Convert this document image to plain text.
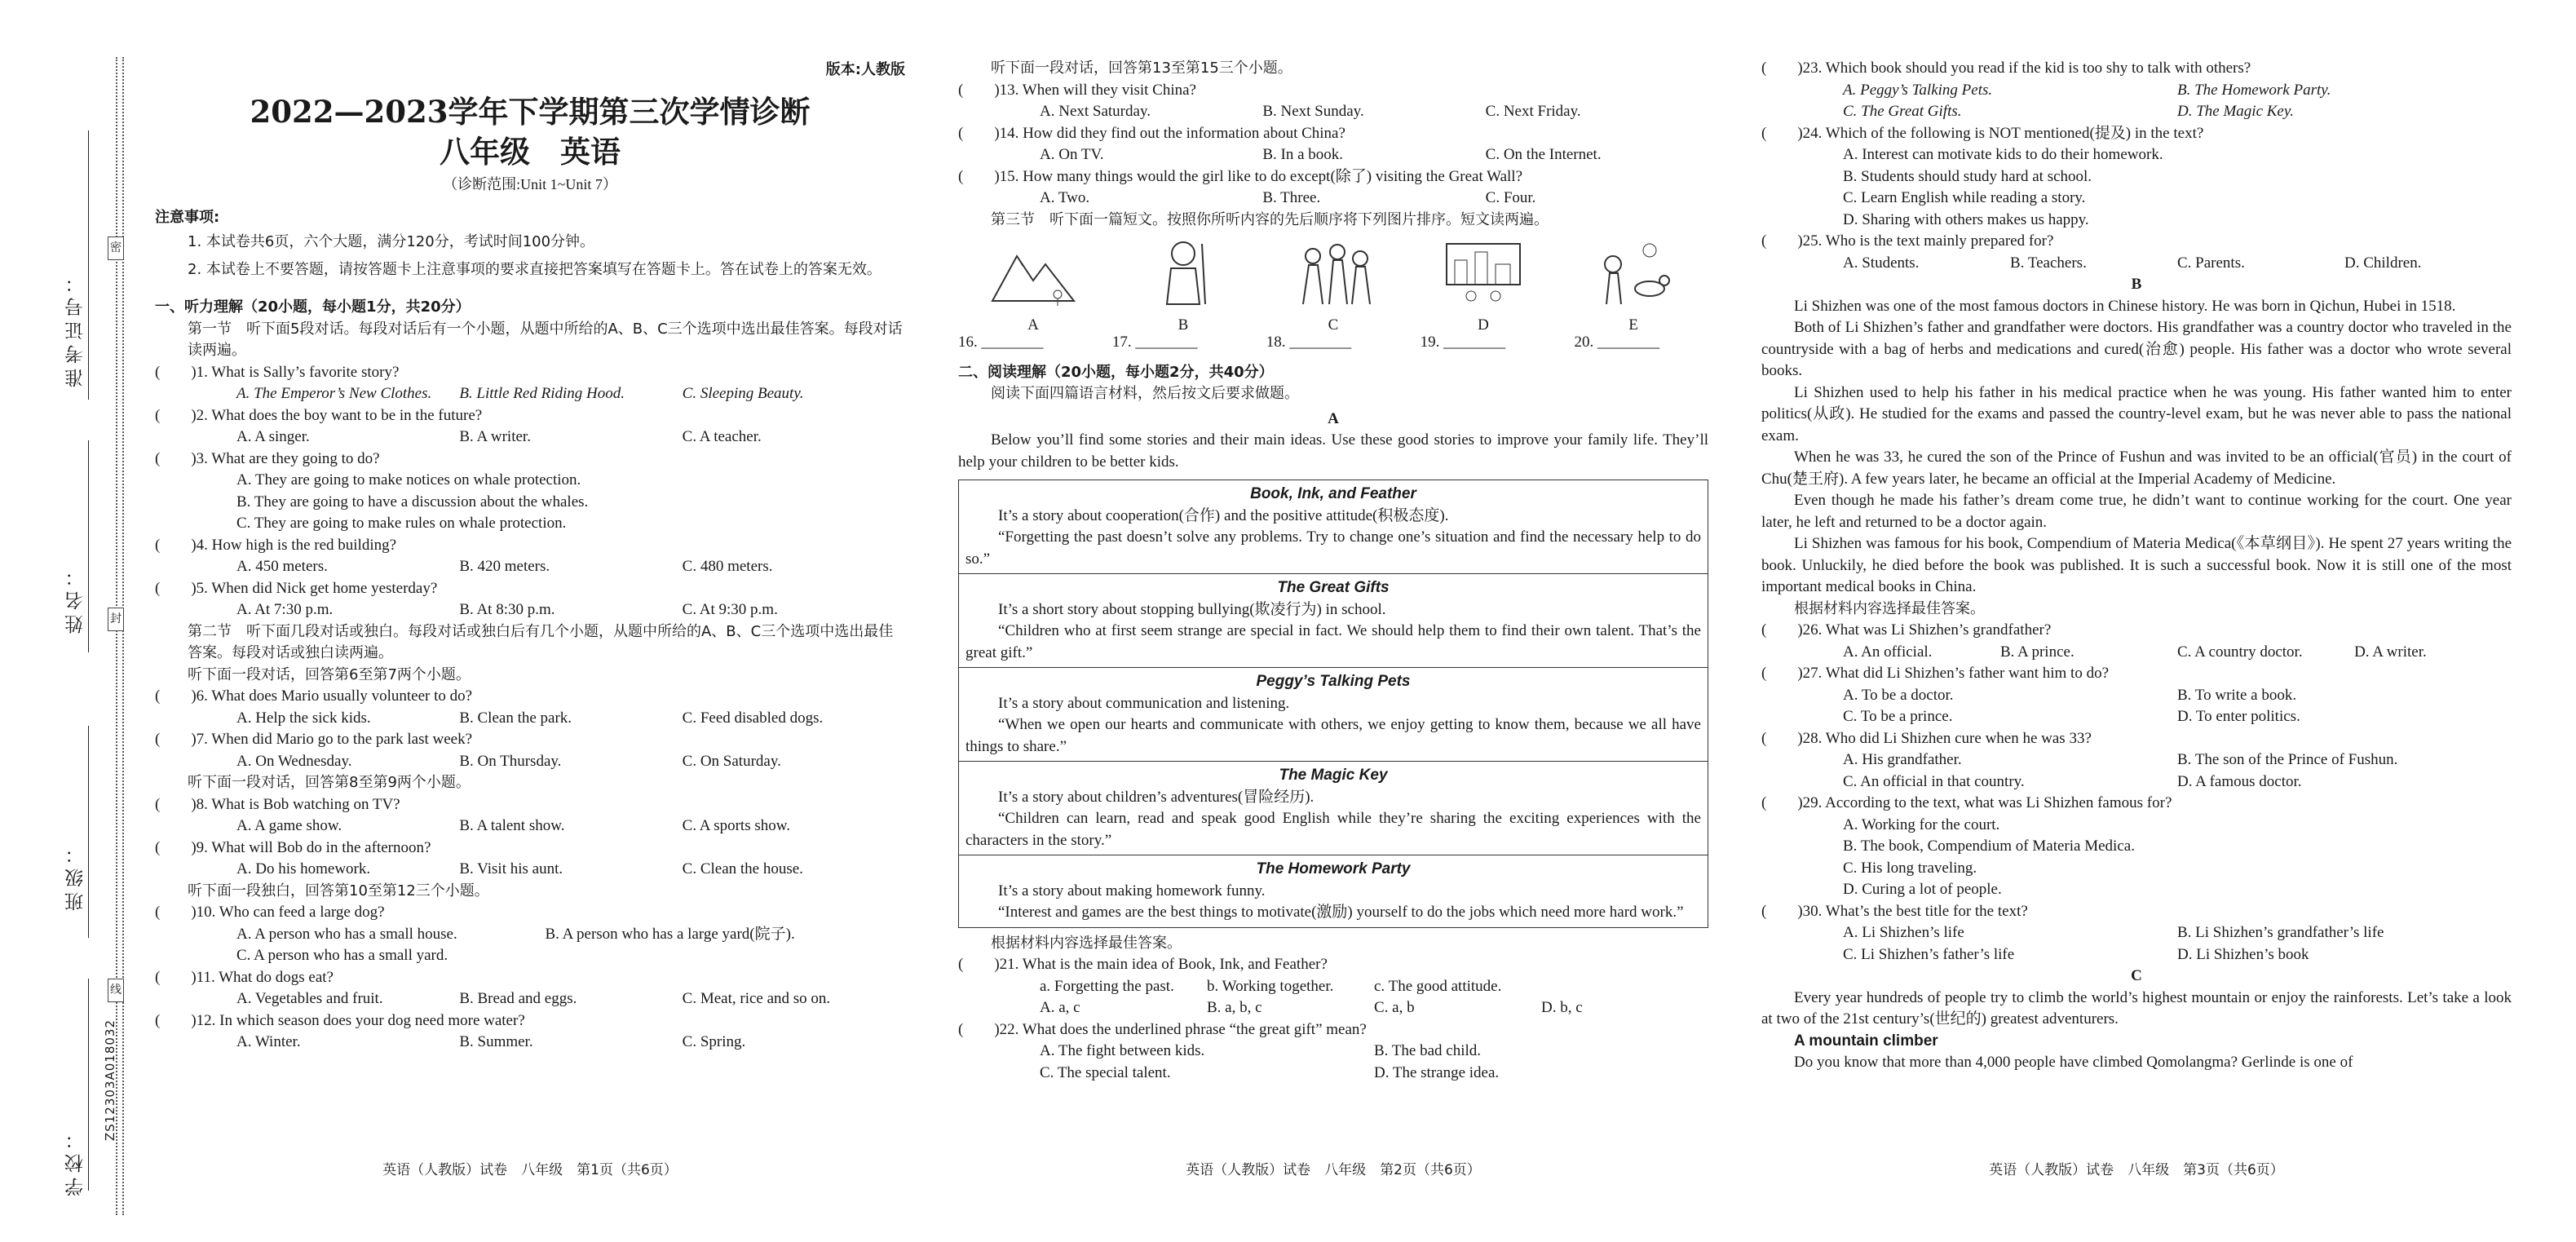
准考证号：
姓名：
班级：
学校：
ZS12303A018032
密
封
线
版本:人教版
2022—2023学年下学期第三次学情诊断
八年级　英语
（诊断范围:Unit 1~Unit 7）

注意事项:

1. 本试卷共6页，六个大题，满分120分，考试时间100分钟。

2. 本试卷上不要答题，请按答题卡上注意事项的要求直接把答案填写在答题卡上。答在试卷上的答案无效。

一、听力理解（20小题，每小题1分，共20分）

第一节　听下面5段对话。每段对话后有一个小题，从题中所给的A、B、C三个选项中选出最佳答案。每段对话读两遍。

(　　)1. What is Sally’s favorite story?

A. The Emperor’s New Clothes.	B. Little Red Riding Hood.	C. Sleeping Beauty.

(　　)2. What does the boy want to be in the future?

A. A singer.	B. A writer.	C. A teacher.

(　　)3. What are they going to do?

A. They are going to make notices on whale protection.

B. They are going to have a discussion about the whales.

C. They are going to make rules on whale protection.

(　　)4. How high is the red building?

A. 450 meters.	B. 420 meters.	C. 480 meters.

(　　)5. When did Nick get home yesterday?

A. At 7:30 p.m.	B. At 8:30 p.m.	C. At 9:30 p.m.

第二节　听下面几段对话或独白。每段对话或独白后有几个小题，从题中所给的A、B、C三个选项中选出最佳答案。每段对话或独白读两遍。

听下面一段对话，回答第6至第7两个小题。

(　　)6. What does Mario usually volunteer to do?

A. Help the sick kids.	B. Clean the park.	C. Feed disabled dogs.

(　　)7. When did Mario go to the park last week?

A. On Wednesday.	B. On Thursday.	C. On Saturday.

听下面一段对话，回答第8至第9两个小题。

(　　)8. What is Bob watching on TV?

A. A game show.	B. A talent show.	C. A sports show.

(　　)9. What will Bob do in the afternoon?

A. Do his homework.	B. Visit his aunt.	C. Clean the house.

听下面一段独白，回答第10至第12三个小题。

(　　)10. Who can feed a large dog?

A. A person who has a small house.	B. A person who has a large yard(院子).

C. A person who has a small yard.

(　　)11. What do dogs eat?

A. Vegetables and fruit.	B. Bread and eggs.	C. Meat, rice and so on.

(　　)12. In which season does your dog need more water?

A. Winter.	B. Summer.	C. Spring.
英语（人教版）试卷　八年级　第1页（共6页）

听下面一段对话，回答第13至第15三个小题。

(　　)13. When will they visit China?

A. Next Saturday.	B. Next Sunday.	C. Next Friday.

(　　)14. How did they find out the information about China?

A. On TV.	B. In a book.	C. On the Internet.

(　　)15. How many things would the girl like to do except(除了) visiting the Great Wall?

A. Two.	B. Three.	C. Four.

第三节　听下面一篇短文。按照你所听内容的先后顺序将下列图片排序。短文读两遍。

A	B	C	D	E
16. ________	17. ________	18. ________	19. ________	20. ________

二、阅读理解（20小题，每小题2分，共40分）

阅读下面四篇语言材料，然后按文后要求做题。

A

Below you’ll find some stories and their main ideas. Use these good stories to improve your family life. They’ll help your children to be better kids.

Book, Ink, and Feather

It’s a story about cooperation(合作) and the positive attitude(积极态度).

“Forgetting the past doesn’t solve any problems. Try to change one’s situation and find the necessary help to do so.”

The Great Gifts

It’s a short story about stopping bullying(欺凌行为) in school.

“Children who at first seem strange are special in fact. We should help them to find their own talent. That’s the great gift.”

Peggy’s Talking Pets

It’s a story about communication and listening.

“When we open our hearts and communicate with others, we enjoy getting to know them, because we all have things to share.”

The Magic Key

It’s a story about children’s adventures(冒险经历).

“Children can learn, read and speak good English while they’re sharing the exciting experiences with the characters in the story.”

The Homework Party

It’s a story about making homework funny.

“Interest and games are the best things to motivate(激励) yourself to do the jobs which need more hard work.”

根据材料内容选择最佳答案。

(　　)21. What is the main idea of Book, Ink, and Feather?

a. Forgetting the past.	b. Working together.	c. The good attitude.
A. a, c	B. a, b, c	C. a, b	D. b, c

(　　)22. What does the underlined phrase “the great gift” mean?

A. The fight between kids.	B. The bad child.
C. The special talent.	D. The strange idea.
英语（人教版）试卷　八年级　第2页（共6页）

(　　)23. Which book should you read if the kid is too shy to talk with others?

A. Peggy’s Talking Pets.	B. The Homework Party.
C. The Great Gifts.	D. The Magic Key.

(　　)24. Which of the following is NOT mentioned(提及) in the text?

A. Interest can motivate kids to do their homework.

B. Students should study hard at school.

C. Learn English while reading a story.

D. Sharing with others makes us happy.

(　　)25. Who is the text mainly prepared for?

A. Students.	B. Teachers.	C. Parents.	D. Children.

B

Li Shizhen was one of the most famous doctors in Chinese history. He was born in Qichun, Hubei in 1518.

Both of Li Shizhen’s father and grandfather were doctors. His grandfather was a country doctor who traveled in the countryside with a bag of herbs and medications and cured(治愈) people. His father was a doctor who wrote several books.

Li Shizhen used to help his father in his medical practice when he was young. His father wanted him to enter politics(从政). He studied for the exams and passed the country-level exam, but he was never able to pass the national exam.

When he was 33, he cured the son of the Prince of Fushun and was invited to be an official(官员) in the court of Chu(楚王府). A few years later, he became an official at the Imperial Academy of Medicine.

Even though he made his father’s dream come true, he didn’t want to continue working for the court. One year later, he left and returned to be a doctor again.

Li Shizhen was famous for his book, Compendium of Materia Medica(《本草纲目》). He spent 27 years writing the book. Unluckily, he died before the book was published. It is such a successful book. Now it is still one of the most important medical books in China.

根据材料内容选择最佳答案。

(　　)26. What was Li Shizhen’s grandfather?

A. An official.	B. A prince.	C. A country doctor.	D. A writer.

(　　)27. What did Li Shizhen’s father want him to do?

A. To be a doctor.	B. To write a book.
C. To be a prince.	D. To enter politics.

(　　)28. Who did Li Shizhen cure when he was 33?

A. His grandfather.	B. The son of the Prince of Fushun.
C. An official in that country.	D. A famous doctor.

(　　)29. According to the text, what was Li Shizhen famous for?

A. Working for the court.

B. The book, Compendium of Materia Medica.

C. His long traveling.

D. Curing a lot of people.

(　　)30. What’s the best title for the text?

A. Li Shizhen’s life	B. Li Shizhen’s grandfather’s life
C. Li Shizhen’s father’s life	D. Li Shizhen’s book

C

Every year hundreds of people try to climb the world’s highest mountain or enjoy the rainforests. Let’s take a look at two of the 21st century’s(世纪的) greatest adventurers.

A mountain climber

Do you know that more than 4,000 people have climbed Qomolangma? Gerlinde is one of

英语（人教版）试卷　八年级　第3页（共6页）
